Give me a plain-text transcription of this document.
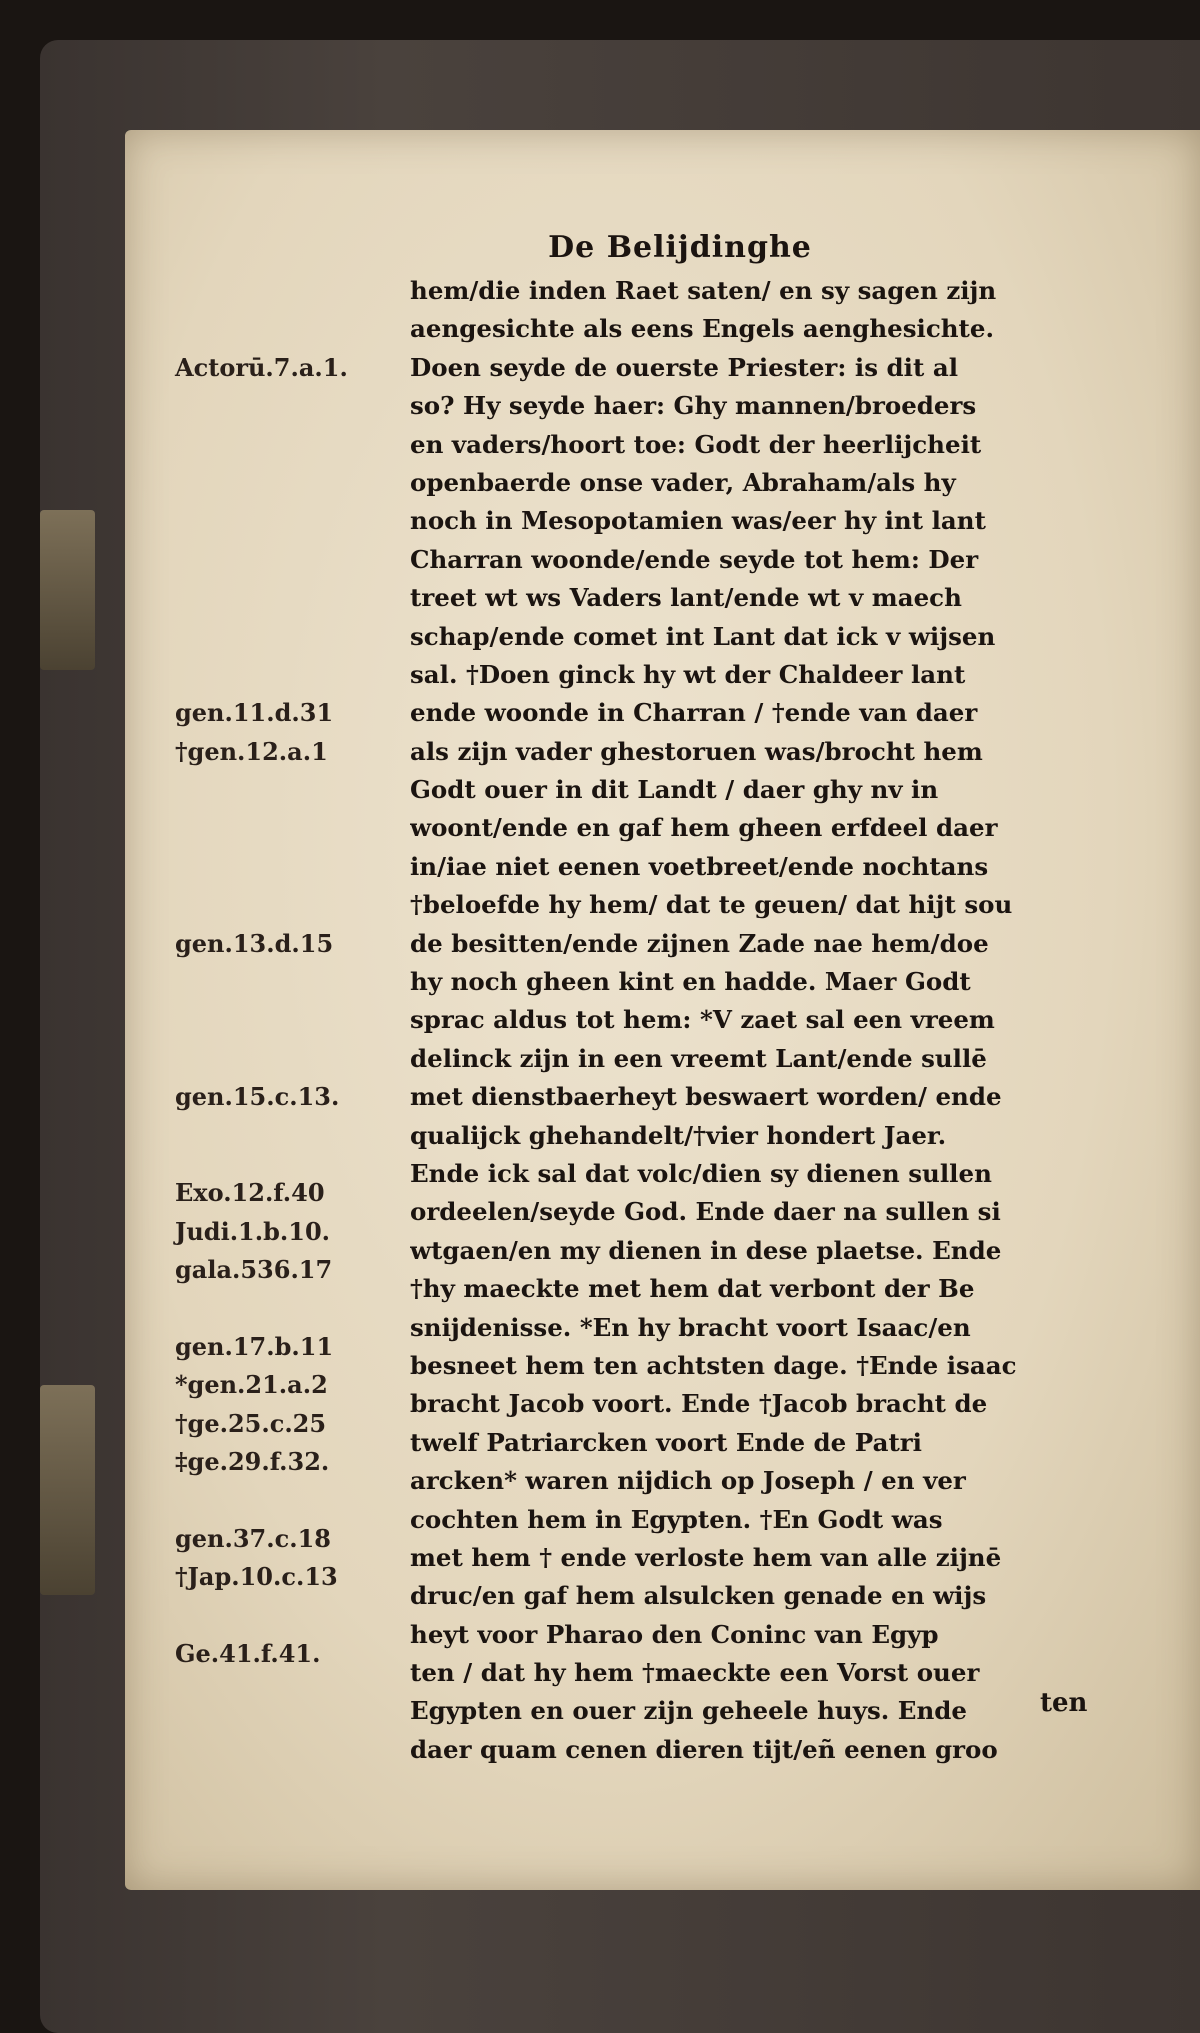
De Belijdinghe
hem/die inden Raet saten/ en sy sagen zijn
aengesichte als eens Engels aenghesichte.
Doen seyde de ouerste Priester: is dit al
so? Hy seyde haer: Ghy mannen/broeders
en vaders/hoort toe: Godt der heerlijcheit
openbaerde onse vader, Abraham/als hy
noch in Mesopotamien was/eer hy int lant
Charran woonde/ende seyde tot hem: Der
treet wt ws Vaders lant/ende wt v maech
schap/ende comet int Lant dat ick v wijsen
sal. †Doen ginck hy wt der Chaldeer lant
ende woonde in Charran / †ende van daer
als zijn vader ghestoruen was/brocht hem
Godt ouer in dit Landt / daer ghy nv in
woont/ende en gaf hem gheen erfdeel daer
in/iae niet eenen voetbreet/ende nochtans
†beloefde hy hem/ dat te geuen/ dat hijt sou
de besitten/ende zijnen Zade nae hem/doe
hy noch gheen kint en hadde. Maer Godt
sprac aldus tot hem: *V zaet sal een vreem
delinck zijn in een vreemt Lant/ende sullē
met dienstbaerheyt beswaert worden/ ende
qualijck ghehandelt/†vier hondert Jaer.
Ende ick sal dat volc/dien sy dienen sullen
ordeelen/seyde God. Ende daer na sullen si
wtgaen/en my dienen in dese plaetse. Ende
†hy maeckte met hem dat verbont der Be
snijdenisse. *En hy bracht voort Isaac/en
besneet hem ten achtsten dage. †Ende isaac
bracht Jacob voort. Ende †Jacob bracht de
twelf Patriarcken voort Ende de Patri
arcken* waren nijdich op Joseph / en ver
cochten hem in Egypten. †En Godt was
met hem † ende verloste hem van alle zijnē
druc/en gaf hem alsulcken genade en wijs
heyt voor Pharao den Coninc van Egyp
ten / dat hy hem †maeckte een Vorst ouer
Egypten en ouer zijn geheele huys. Ende
daer quam cenen dieren tijt/eñ eenen groo
Actorū.7.a.1.
gen.11.d.31
†gen.12.a.1
gen.13.d.15
gen.15.c.13.
Exo.12.f.40
Judi.1.b.10.
gala.536.17
gen.17.b.11
*gen.21.a.2
†ge.25.c.25
‡ge.29.f.32.
gen.37.c.18
†Jap.10.c.13
Ge.41.f.41.
ten
